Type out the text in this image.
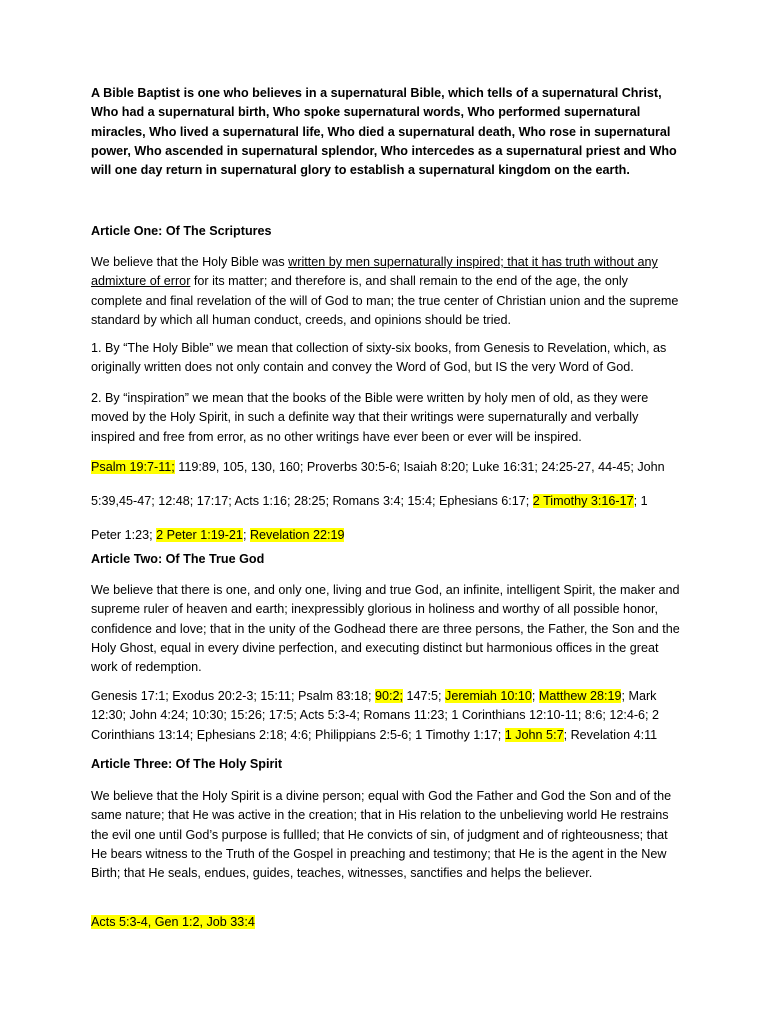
A Bible Baptist is one who believes in a supernatural Bible, which tells of a supernatural Christ, Who had a supernatural birth, Who spoke supernatural words, Who performed supernatural miracles, Who lived a supernatural life, Who died a supernatural death, Who rose in supernatural power, Who ascended in supernatural splendor, Who intercedes as a supernatural priest and Who will one day return in supernatural glory to establish a supernatural kingdom on the earth.

Article One: Of The Scriptures

We believe that the Holy Bible was written by men supernaturally inspired; that it has truth without any admixture of error for its matter; and therefore is, and shall remain to the end of the age, the only complete and final revelation of the will of God to man; the true center of Christian union and the supreme standard by which all human conduct, creeds, and opinions should be tried.

1. By “The Holy Bible” we mean that collection of sixty-six books, from Genesis to Revelation, which, as originally written does not only contain and convey the Word of God, but IS the very Word of God.

2. By “inspiration” we mean that the books of the Bible were written by holy men of old, as they were moved by the Holy Spirit, in such a definite way that their writings were supernaturally and verbally inspired and free from error, as no other writings have ever been or ever will be inspired.

Psalm 19:7-11; 119:89, 105, 130, 160; Proverbs 30:5-6; Isaiah 8:20; Luke 16:31; 24:25-27, 44-45; John
5:39,45-47; 12:48; 17:17; Acts 1:16; 28:25; Romans 3:4; 15:4; Ephesians 6:17; 2 Timothy 3:16-17; 1
Peter 1:23; 2 Peter 1:19-21; Revelation 22:19

Article Two: Of The True God

We believe that there is one, and only one, living and true God, an infinite, intelligent Spirit, the maker and supreme ruler of heaven and earth; inexpressibly glorious in holiness and worthy of all possible honor, confidence and love; that in the unity of the Godhead there are three persons, the Father, the Son and the Holy Ghost, equal in every divine perfection, and executing distinct but harmonious offices in the great work of redemption.

Genesis 17:1; Exodus 20:2-3; 15:11; Psalm 83:18; 90:2; 147:5; Jeremiah 10:10; Matthew 28:19; Mark 12:30; John 4:24; 10:30; 15:26; 17:5; Acts 5:3-4; Romans 11:23; 1 Corinthians 12:10-11; 8:6; 12:4-6; 2 Corinthians 13:14; Ephesians 2:18; 4:6; Philippians 2:5-6; 1 Timothy 1:17; 1 John 5:7; Revelation 4:11

Article Three: Of The Holy Spirit

We believe that the Holy Spirit is a divine person; equal with God the Father and God the Son and of the same nature; that He was active in the creation; that in His relation to the unbelieving world He restrains the evil one until God’s purpose is fullled; that He convicts of sin, of judgment and of righteousness; that He bears witness to the Truth of the Gospel in preaching and testimony; that He is the agent in the New Birth; that He seals, endues, guides, teaches, witnesses, sanctifies and helps the believer.

Acts 5:3-4, Gen 1:2, Job 33:4
